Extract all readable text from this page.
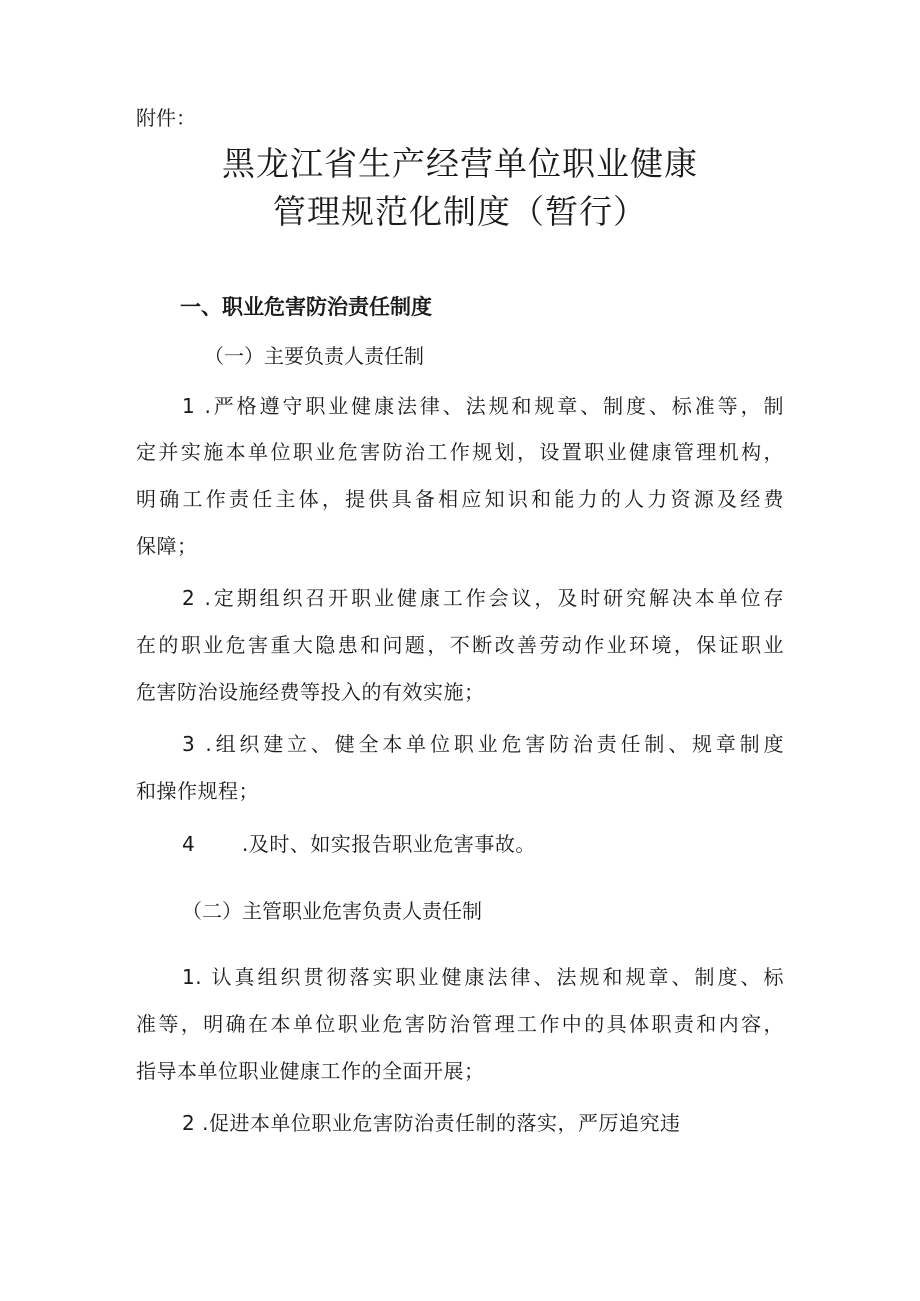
附件：

黑龙江省生产经营单位职业健康
管理规范化制度（暂行）
一、职业危害防治责任制度
（一）主要负责人责任制

1 .严格遵守职业健康法律、法规和规章、制度、标准等，制

定并实施本单位职业危害防治工作规划，设置职业健康管理机构，

明确工作责任主体，提供具备相应知识和能力的人力资源及经费

保障；

2 .定期组织召开职业健康工作会议，及时研究解决本单位存

在的职业危害重大隐患和问题，不断改善劳动作业环境，保证职业

危害防治设施经费等投入的有效实施；

3 .组织建立、健全本单位职业危害防治责任制、规章制度

和操作规程；

4 .及时、如实报告职业危害事故。

（二）主管职业危害负责人责任制

1. 认真组织贯彻落实职业健康法律、法规和规章、制度、标

准等，明确在本单位职业危害防治管理工作中的具体职责和内容，

指导本单位职业健康工作的全面开展；

2 .促进本单位职业危害防治责任制的落实，严厉追究违
